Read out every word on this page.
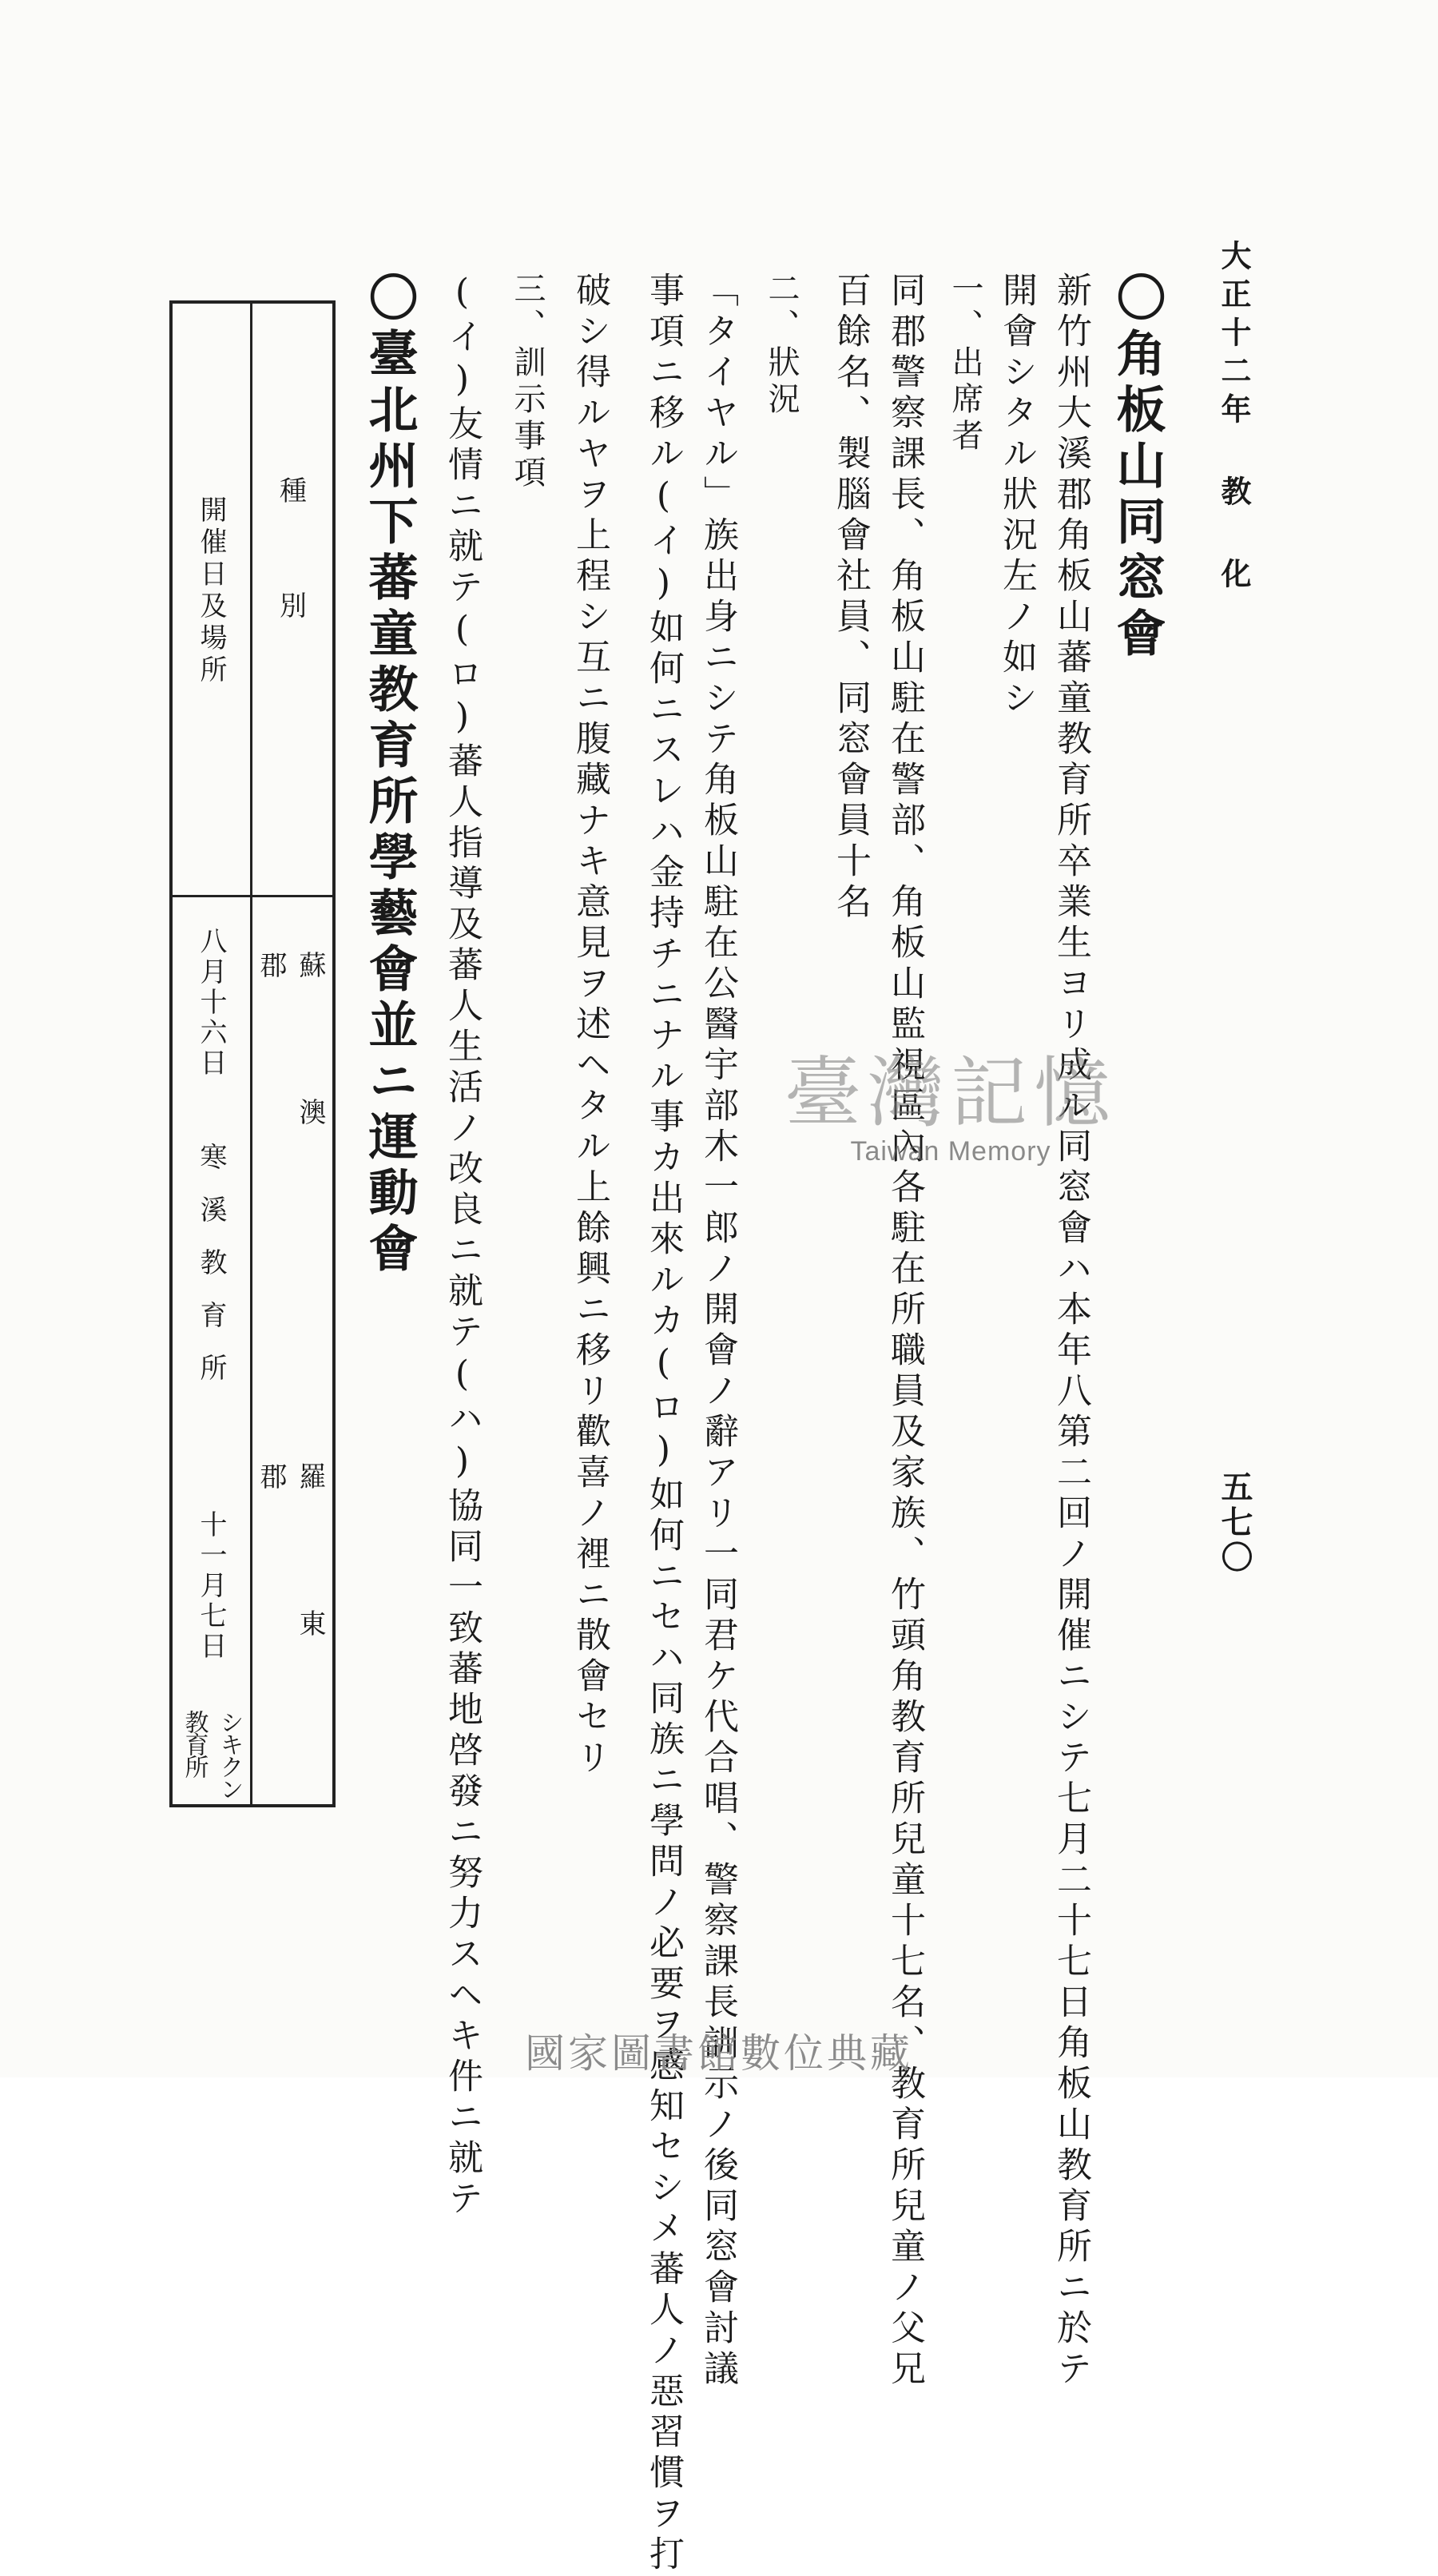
大正十二年 教 化
五七〇
〇角板山同窓會
新竹州大溪郡角板山蕃童教育所卒業生ヨリ成ル同窓會ハ本年八第二回ノ開催ニシテ七月二十七日角板山教育所ニ於テ
開會シタル狀況左ノ如シ
一、出席者
同郡警察課長、角板山駐在警部、角板山監視區內各駐在所職員及家族、竹頭角教育所兒童十七名、教育所兒童ノ父兄
百餘名、製腦會社員、同窓會員十名
二、狀況
「タイヤル」族出身ニシテ角板山駐在公醫宇部木一郎ノ開會ノ辭アリ一同君ケ代合唱、警察課長訓示ノ後同窓會討議
事項ニ移ル(イ)如何ニスレハ金持チニナル事カ出來ルカ(ロ)如何ニセハ同族ニ學問ノ必要ヲ感知セシメ蕃人ノ惡習慣ヲ打
破シ得ルヤヲ上程シ互ニ腹藏ナキ意見ヲ述ヘタル上餘興ニ移リ歡喜ノ裡ニ散會セリ
三、訓示事項
(イ)友情ニ就テ(ロ)蕃人指導及蕃人生活ノ改良ニ就テ(ハ)協同一致蕃地啓發ニ努力スヘキ件ニ就テ
〇臺北州下蕃童教育所學藝會並ニ運動會
種別
蘇澳郡
羅東郡
開催日及場所
八月十六日
寒溪教育所
十一月七日
シキクン教育所
臺灣記憶
Taiwan Memory
國家圖書館數位典藏
